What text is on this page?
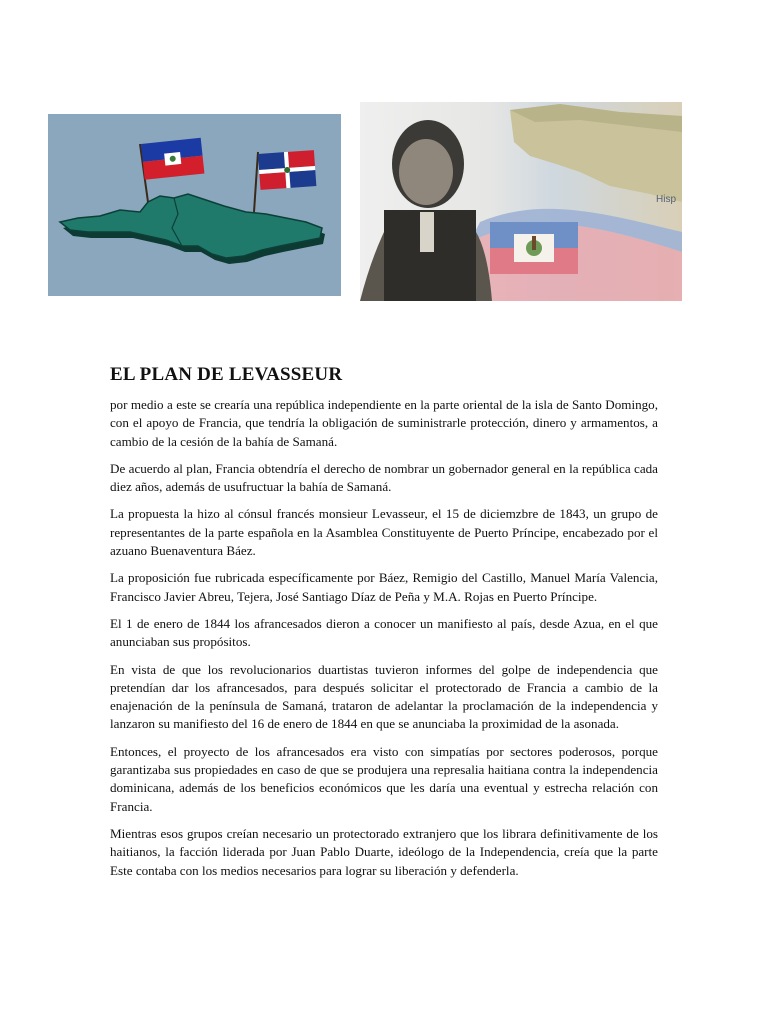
Hisp
EL PLAN DE LEVASSEUR

por medio a este se crearía una república independiente en la parte oriental de la isla de Santo Domingo, con el apoyo de Francia, que tendría la obligación de suministrarle protección, dinero y armamentos, a cambio de la cesión de la bahía de Samaná.

De acuerdo al plan, Francia obtendría el derecho de nombrar un gobernador general en la república cada diez años, además de usufructuar la bahía de Samaná.

La propuesta la hizo al cónsul francés monsieur Levasseur, el 15 de diciemzbre de 1843, un grupo de representantes de la parte española en la Asamblea Constituyente de Puerto Príncipe, encabezado por el azuano Buenaventura Báez.

La proposición fue rubricada específicamente por Báez, Remigio del Castillo, Manuel María Valencia, Francisco Javier Abreu, Tejera, José Santiago Díaz de Peña y M.A. Rojas en Puerto Príncipe.

El 1 de enero de 1844 los afrancesados dieron a conocer un manifiesto al país, desde Azua, en el que anunciaban sus propósitos.

En vista de que los revolucionarios duartistas tuvieron informes del golpe de independencia que pretendían dar los afrancesados, para después solicitar el protectorado de Francia a cambio de la enajenación de la península de Samaná, trataron de adelantar la proclamación de la independencia y lanzaron su manifiesto del 16 de enero de 1844 en que se anunciaba la proximidad de la asonada.

Entonces, el proyecto de los afrancesados era visto con simpatías por sectores poderosos, porque garantizaba sus propiedades en caso de que se produjera una represalia haitiana contra la independencia dominicana, además de los beneficios económicos que les daría una eventual y estrecha relación con Francia.

Mientras esos grupos creían necesario un protectorado extranjero que los librara definitivamente de los haitianos, la facción liderada por Juan Pablo Duarte, ideólogo de la Independencia, creía que la parte Este contaba con los medios necesarios para lograr su liberación y defenderla.
